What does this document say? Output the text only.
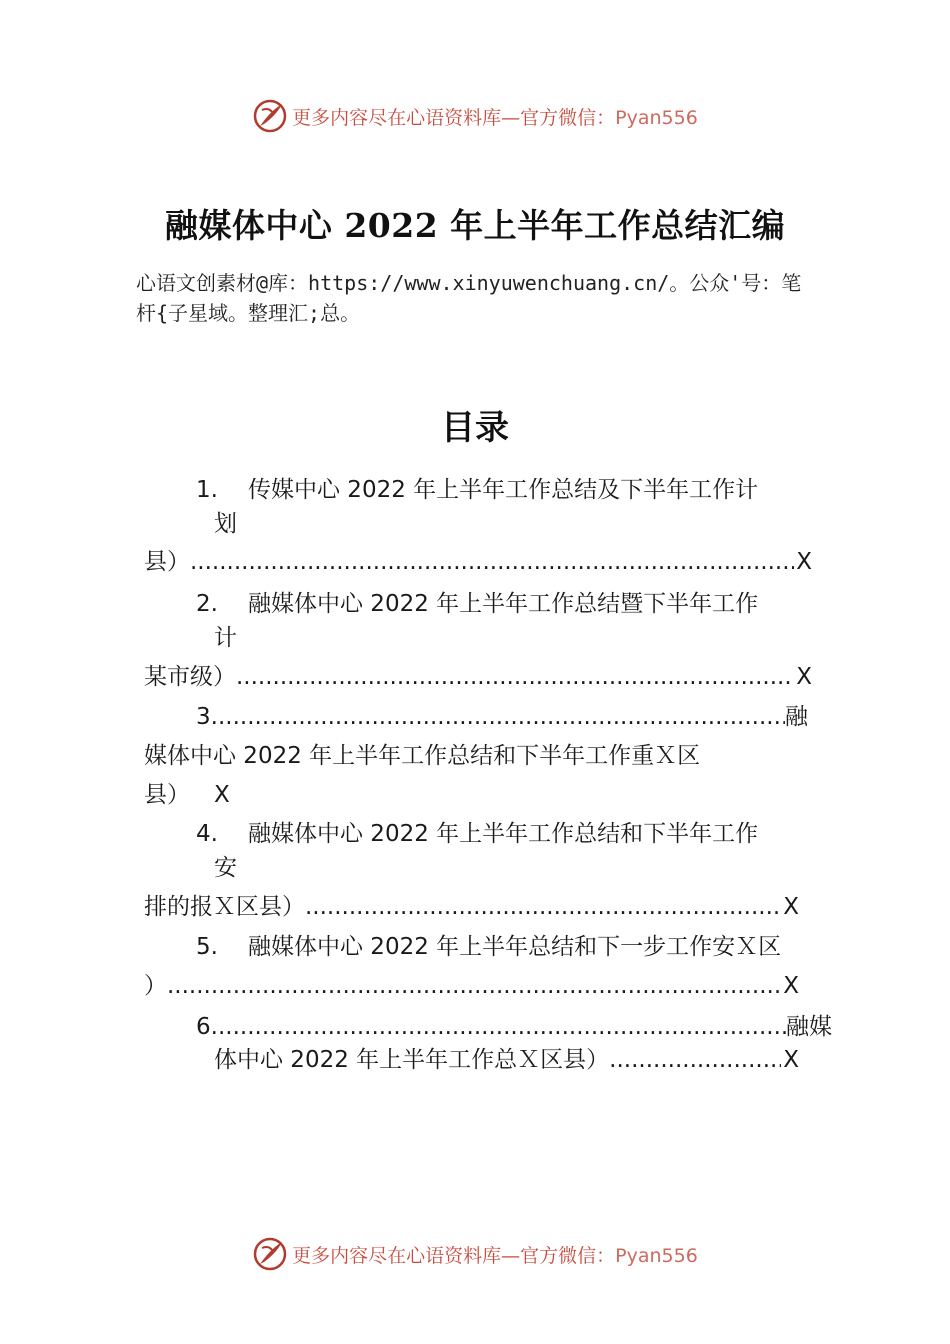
更多内容尽在心语资料库—官方微信：Pyan556
融媒体中心 2022 年上半年工作总结汇编
心语文创素材@库：https://www.xinyuwenchuang.cn/。公众'号：笔杆{子星域。整理汇;总。
目录
1. 传媒中心 2022 年上半年工作总结及下半年工作计
划
县） .....	X
2. 融媒体中心 2022 年上半年工作总结暨下半年工作
计
某市级） .....	X
3. .....	融
媒体中心 2022 年上半年工作总结和下半年工作重Ｘ区
县） X
4. 融媒体中心 2022 年上半年工作总结和下半年工作
安
排的报Ｘ区县） .....	X
5. 融媒体中心 2022 年上半年总结和下一步工作安Ｘ区
） .....	X
6. .....	融媒
体中心 2022 年上半年工作总Ｘ区县） .....	X
更多内容尽在心语资料库—官方微信：Pyan556
